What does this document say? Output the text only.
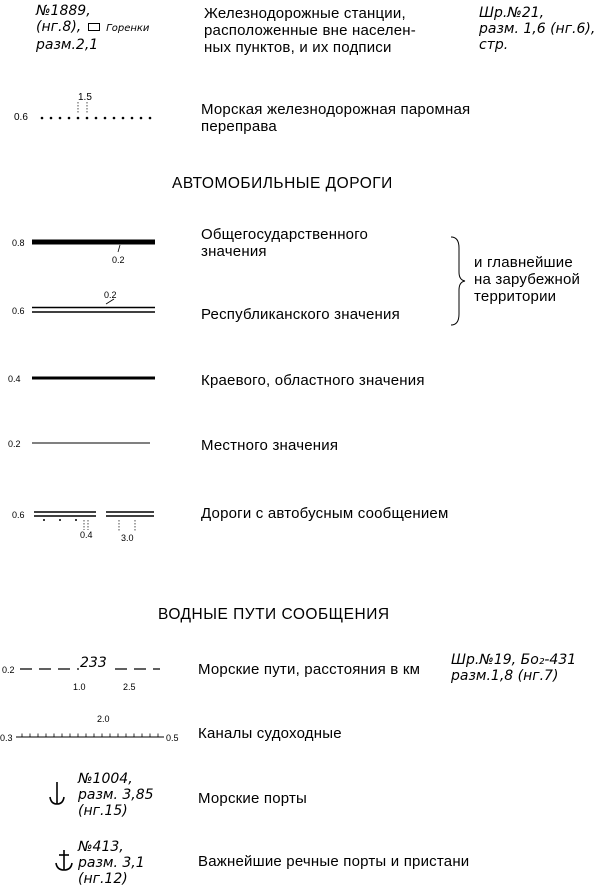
№1889,
(нг.8), Горенки
разм.2,1
Железнодорожные станции,
расположенные вне населен-
ных пунктов, и их подписи
Шр.№21,
разм. 1,6 (нг.6),
стр.
0.6
1.5
Морская железнодорожная паромная
переправа
АВТОМОБИЛЬНЫЕ ДОРОГИ
0.8
0.2
Общегосударственного
значения
0.6
0.2
Республиканского значения
и главнейшие
на зарубежной
территории
0.4	Краевого, областного значения
0.2	Местного значения
0.6
0.4	3.0
Дороги с автобусным сообщением
ВОДНЫЕ ПУТИ СООБЩЕНИЯ
0.2	233
1.0	2.5
Морские пути, расстояния в км
Шр.№19, Бо₂-431
разм.1,8 (нг.7)
0.3
2.0
0.5 Каналы судоходные
№1004,
разм. 3,85
(нг.15)
Морские порты
№413,
разм. 3,1
(нг.12)
Важнейшие речные порты и пристани
